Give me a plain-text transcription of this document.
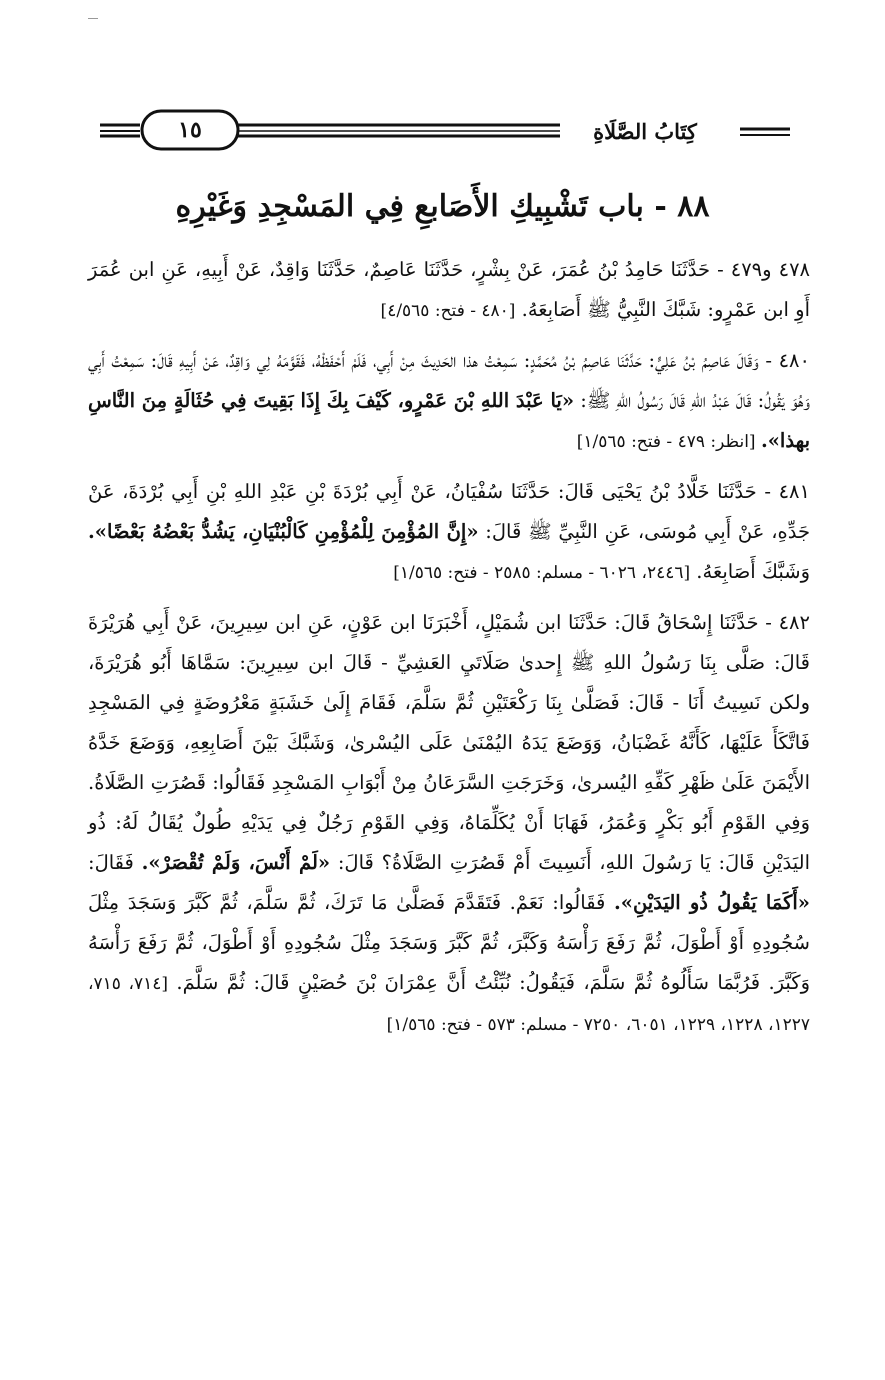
١٥	كِتَابُ الصَّلَاةِ
٨٨ - باب تَشْبِيكِ الأَصَابعِ فِي المَسْجِدِ وَغَيْرِهِ

٤٧٨ و٤٧٩ - حَدَّثَنَا حَامِدُ بْنُ عُمَرَ، عَنْ بِشْرٍ، حَدَّثَنَا عَاصِمٌ، حَدَّثَنَا وَاقِدٌ، عَنْ أَبِيهِ، عَنِ ابن عُمَرَ أَوِ ابن عَمْرٍو: شَبَّكَ النَّبِيُّ ﷺ أَصَابِعَهُ. [٤٨٠ - فتح: ٤/٥٦٥]

٤٨٠ - وَقَالَ عَاصِمُ بْنُ عَلِيٍّ: حَدَّثَنَا عَاصِمُ بْنُ مُحَمَّدٍ: سَمِعْتُ هذا الحَدِيثَ مِنْ أَبِي، فَلَمْ أَحْفَظْهُ، فَقَوَّمَهُ لِي وَاقِدٌ، عَنْ أَبِيهِ قَالَ: سَمِعْتُ أَبِي وَهُوَ يَقُولُ: قَالَ عَبْدُ اللهِ قَالَ رَسُولُ اللهِ ﷺ: «يَا عَبْدَ اللهِ بْنَ عَمْرٍو، كَيْفَ بِكَ إِذَا بَقِيتَ فِي حُثَالَةٍ مِنَ النَّاسِ بهذا». [انظر: ٤٧٩ - فتح: ١/٥٦٥]

٤٨١ - حَدَّثَنَا خَلَّادُ بْنُ يَحْيَى قَالَ: حَدَّثَنَا سُفْيَانُ، عَنْ أَبِي بُرْدَةَ بْنِ عَبْدِ اللهِ بْنِ أَبِي بُرْدَةَ، عَنْ جَدِّهِ، عَنْ أَبِي مُوسَى، عَنِ النَّبِيِّ ﷺ قَالَ: «إِنَّ المُؤْمِنَ لِلْمُؤْمِنِ كَالْبُنْيَانِ، يَشُدُّ بَعْضُهُ بَعْضًا». وَشَبَّكَ أَصَابِعَهُ. [٢٤٤٦، ٦٠٢٦ - مسلم: ٢٥٨٥ - فتح: ١/٥٦٥]

٤٨٢ - حَدَّثَنَا إِسْحَاقُ قَالَ: حَدَّثَنَا ابن شُمَيْلٍ، أَخْبَرَنَا ابن عَوْنٍ، عَنِ ابن سِيرِينَ، عَنْ أَبِي هُرَيْرَةَ قَالَ: صَلَّى بِنَا رَسُولُ اللهِ ﷺ إِحدىٰ صَلَاتَيِ العَشِيِّ - قَالَ ابن سِيرِينَ: سَمَّاهَا أَبُو هُرَيْرَةَ، ولكن نَسِيتُ أَنَا - قَالَ: فَصَلَّىٰ بِنَا رَكْعَتَيْنِ ثُمَّ سَلَّمَ، فَقَامَ إِلَىٰ خَشَبَةٍ مَعْرُوضَةٍ فِي المَسْجِدِ فَاتَّكَأَ عَلَيْهَا، كَأَنَّهُ غَضْبَانُ، وَوَضَعَ يَدَهُ اليُمْنَىٰ عَلَى اليُسْرىٰ، وَشَبَّكَ بَيْنَ أَصَابِعِهِ، وَوَضَعَ خَدَّهُ الأَيْمَنَ عَلَىٰ ظَهْرِ كَفِّهِ اليُسرىٰ، وَخَرَجَتِ السَّرَعَانُ مِنْ أَبْوَابِ المَسْجِدِ فَقَالُوا: قَصُرَتِ الصَّلَاةُ. وَفِي القَوْمِ أَبُو بَكْرٍ وَعُمَرُ، فَهَابَا أَنْ يُكَلِّمَاهُ، وَفِي القَوْمِ رَجُلٌ فِي يَدَيْهِ طُولٌ يُقَالُ لَهُ: ذُو اليَدَيْنِ قَالَ: يَا رَسُولَ اللهِ، أَنَسِيتَ أَمْ قَصُرَتِ الصَّلَاةُ؟ قَالَ: «لَمْ أَنْسَ، وَلَمْ تُقْصَرْ». فَقَالَ: «أَكَمَا يَقُولُ ذُو اليَدَيْنِ». فَقَالُوا: نَعَمْ. فَتَقَدَّمَ فَصَلَّىٰ مَا تَرَكَ، ثُمَّ سَلَّمَ، ثُمَّ كَبَّرَ وَسَجَدَ مِثْلَ سُجُودِهِ أَوْ أَطْوَلَ، ثُمَّ رَفَعَ رَأْسَهُ وَكَبَّرَ، ثُمَّ كَبَّرَ وَسَجَدَ مِثْلَ سُجُودِهِ أَوْ أَطْوَلَ، ثُمَّ رَفَعَ رَأْسَهُ وَكَبَّرَ. فَرُبَّمَا سَأَلُوهُ ثُمَّ سَلَّمَ، فَيَقُولُ: نُبِّئْتُ أَنَّ عِمْرَانَ بْنَ حُصَيْنٍ قَالَ: ثُمَّ سَلَّمَ. [٧١٤، ٧١٥، ١٢٢٧، ١٢٢٨، ١٢٢٩، ٦٠٥١، ٧٢٥٠ - مسلم: ٥٧٣ - فتح: ١/٥٦٥]
